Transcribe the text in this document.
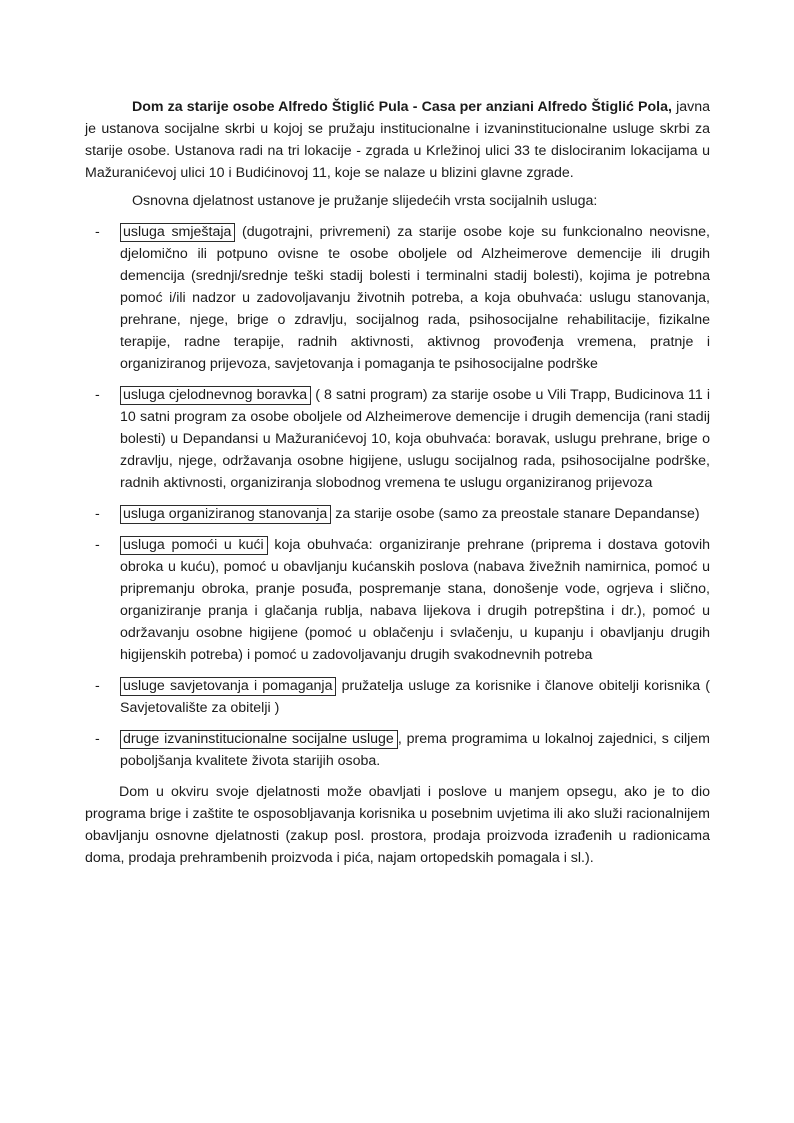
Dom za starije osobe Alfredo Štiglić Pula - Casa per anziani Alfredo Štiglić Pola, javna je ustanova socijalne skrbi u kojoj se pružaju institucionalne i izvaninstitucionalne usluge skrbi za starije osobe. Ustanova radi na tri lokacije - zgrada u Krležinoj ulici 33 te dislociranim lokacijama u Mažuranićevoj ulici 10 i Budićinovoj 11, koje se nalaze u blizini glavne zgrade.

Osnovna djelatnost ustanove je pružanje slijedećih vrsta socijalnih usluga:

- usluga smještaja (dugotrajni, privremeni) za starije osobe koje su funkcionalno neovisne, djelomično ili potpuno ovisne te osobe oboljele od Alzheimerove demencije ili drugih demencija (srednji/srednje teški stadij bolesti i terminalni stadij bolesti), kojima je potrebna pomoć i/ili nadzor u zadovoljavanju životnih potreba, a koja obuhvaća: uslugu stanovanja, prehrane, njege, brige o zdravlju, socijalnog rada, psihosocijalne rehabilitacije, fizikalne terapije, radne terapije, radnih aktivnosti, aktivnog provođenja vremena, pratnje i organiziranog prijevoza, savjetovanja i pomaganja te psihosocijalne podrške

- usluga cjelodnevnog boravka ( 8 satni program) za starije osobe u Vili Trapp, Budicinova 11 i 10 satni program za osobe oboljele od Alzheimerove demencije i drugih demencija (rani stadij bolesti) u Depandansi u Mažuranićevoj 10, koja obuhvaća: boravak, uslugu prehrane, brige o zdravlju, njege, održavanja osobne higijene, uslugu socijalnog rada, psihosocijalne podrške, radnih aktivnosti, organiziranja slobodnog vremena te uslugu organiziranog prijevoza

- usluga organiziranog stanovanja za starije osobe (samo za preostale stanare Depandanse)

- usluga pomoći u kući koja obuhvaća: organiziranje prehrane (priprema i dostava gotovih obroka u kuću), pomoć u obavljanju kućanskih poslova (nabava živežnih namirnica, pomoć u pripremanju obroka, pranje posuđa, pospremanje stana, donošenje vode, ogrjeva i slično, organiziranje pranja i glačanja rublja, nabava lijekova i drugih potrepština i dr.), pomoć u održavanju osobne higijene (pomoć u oblačenju i svlačenju, u kupanju i obavljanju drugih higijenskih potreba) i pomoć u zadovoljavanju drugih svakodnevnih potreba

- usluge savjetovanja i pomaganja pružatelja usluge za korisnike i članove obitelji korisnika ( Savjetovalište za obitelji )

- druge izvaninstitucionalne socijalne usluge , prema programima u lokalnoj zajednici, s ciljem poboljšanja kvalitete života starijih osoba.

Dom u okviru svoje djelatnosti može obavljati i poslove u manjem opsegu, ako je to dio programa brige i zaštite te osposobljavanja korisnika u posebnim uvjetima ili ako služi racionalnijem obavljanju osnovne djelatnosti (zakup posl. prostora, prodaja proizvoda izrađenih u radionicama doma, prodaja prehrambenih proizvoda i pića, najam ortopedskih pomagala i sl.).
